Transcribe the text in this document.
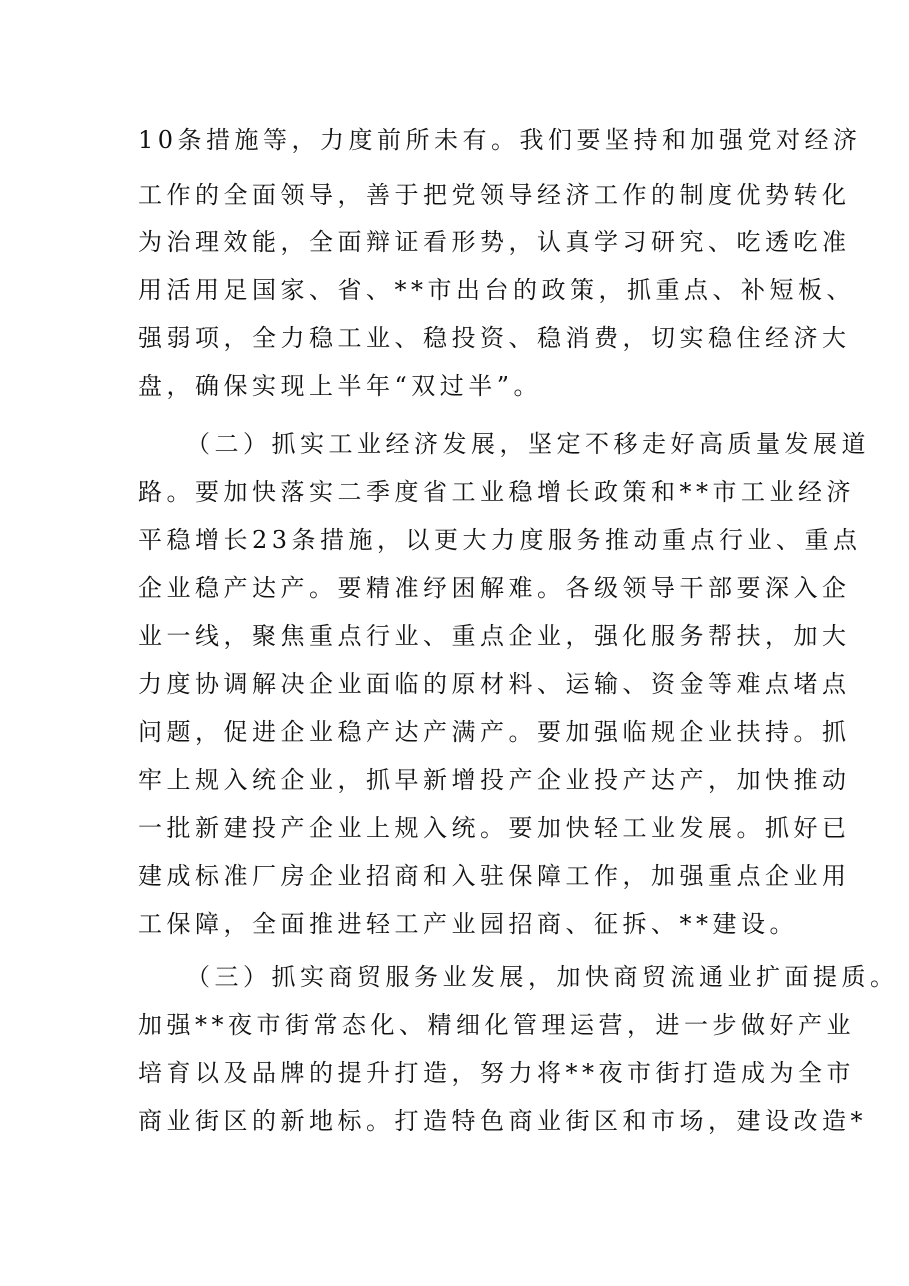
10条措施等，力度前所未有。我们要坚持和加强党对经济
工作的全面领导，善于把党领导经济工作的制度优势转化
为治理效能，全面辩证看形势，认真学习研究、吃透吃准
用活用足国家、省、**市出台的政策，抓重点、补短板、
强弱项，全力稳工业、稳投资、稳消费，切实稳住经济大
盘，确保实现上半年“双过半”。
（二）抓实工业经济发展，坚定不移走好高质量发展道
路。要加快落实二季度省工业稳增长政策和**市工业经济
平稳增长23条措施，以更大力度服务推动重点行业、重点
企业稳产达产。要精准纾困解难。各级领导干部要深入企
业一线，聚焦重点行业、重点企业，强化服务帮扶，加大
力度协调解决企业面临的原材料、运输、资金等难点堵点
问题，促进企业稳产达产满产。要加强临规企业扶持。抓
牢上规入统企业，抓早新增投产企业投产达产，加快推动
一批新建投产企业上规入统。要加快轻工业发展。抓好已
建成标准厂房企业招商和入驻保障工作，加强重点企业用
工保障，全面推进轻工产业园招商、征拆、**建设。
（三）抓实商贸服务业发展，加快商贸流通业扩面提质。
加强**夜市街常态化、精细化管理运营，进一步做好产业
培育以及品牌的提升打造，努力将**夜市街打造成为全市
商业街区的新地标。打造特色商业街区和市场，建设改造*
